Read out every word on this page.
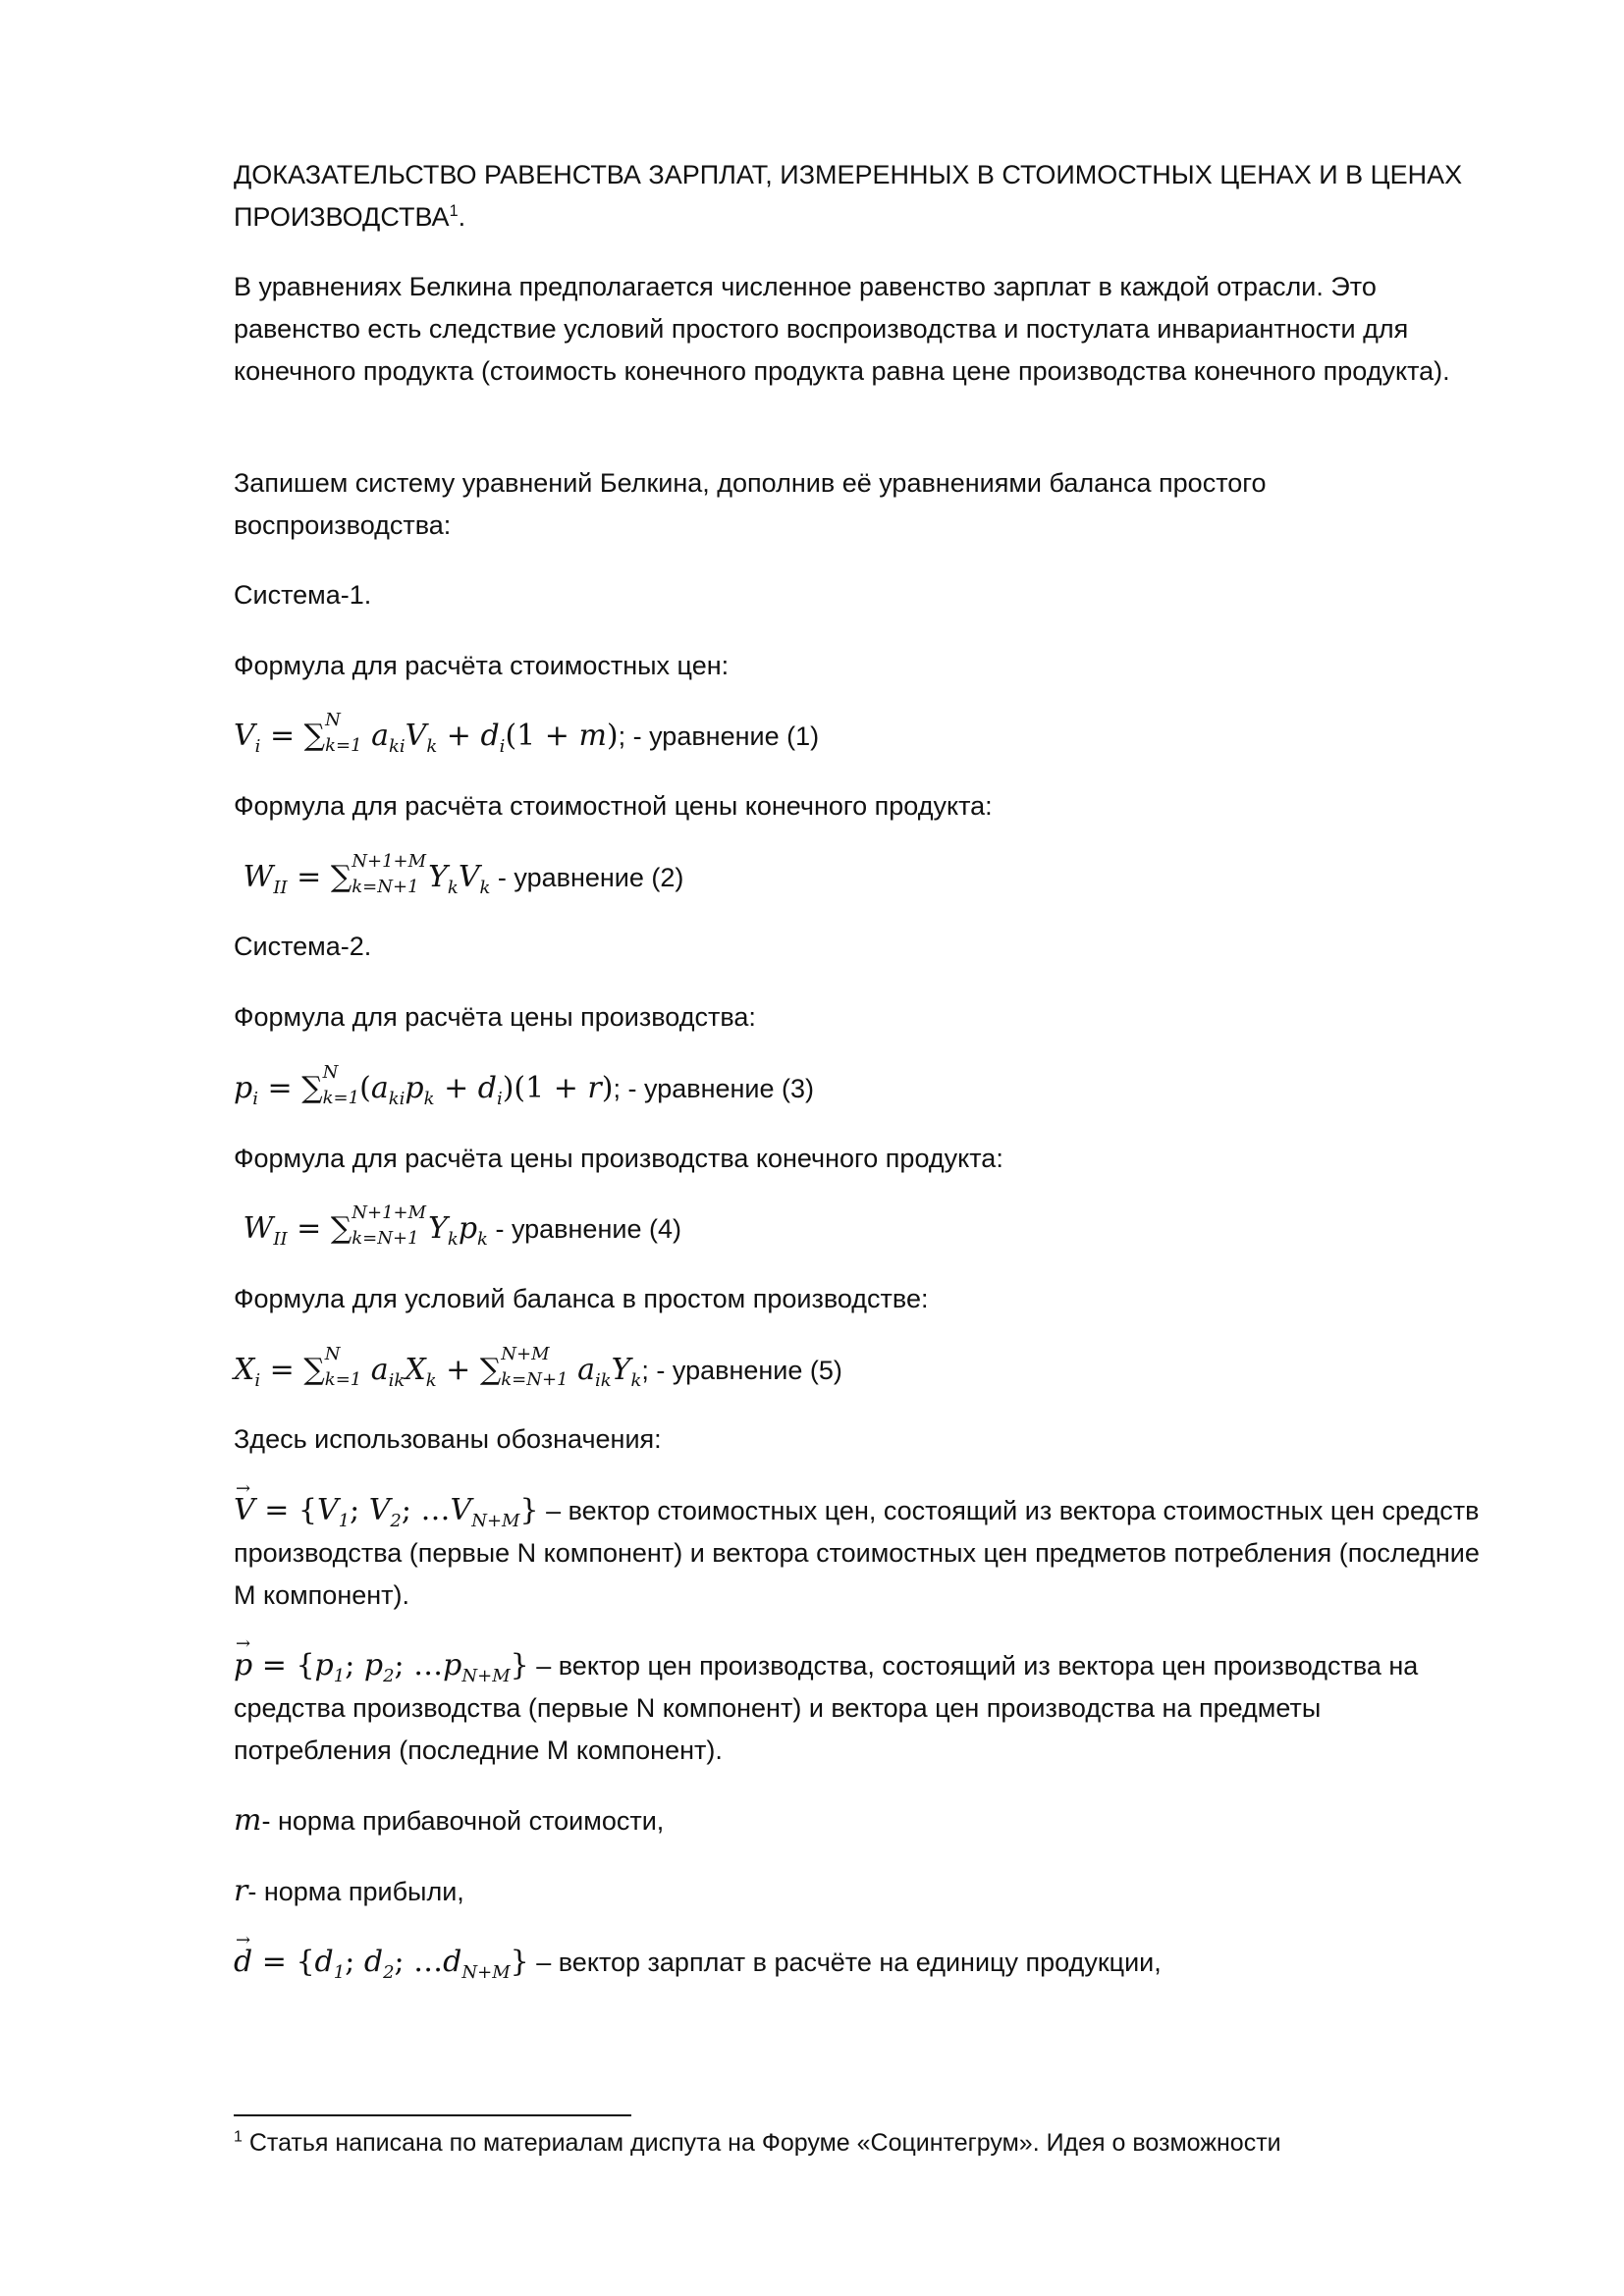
ДОКАЗАТЕЛЬСТВО РАВЕНСТВА ЗАРПЛАТ, ИЗМЕРЕННЫХ В СТОИМОСТНЫХ ЦЕНАХ И В ЦЕНАХ
ПРОИЗВОДСТВА$^1$.

В уравнениях Белкина предполагается численное равенство зарплат в каждой отрасли. Это равенство есть следствие условий простого воспроизводства и постулата инвариантности для конечного продукта (стоимость конечного продукта равна цене производства конечного продукта).

Запишем систему уравнений Белкина, дополнив её уравнениями баланса простого воспроизводства:

Система-1.

Формула для расчёта стоимостных цен:

$V_i$ = ∑ N
$_{k=1}$ $a_{ki}V_k + d_i(1 + m)$; - уравнение (1)

Формула для расчёта стоимостной цены конечного продукта:

$W_{II}$ = ∑ N+1+M
$_{k=N+1}$ $Y_kV_k$ - уравнение (2)

Система-2.

Формула для расчёта цены производства:

$p_i$ = ∑ N
$_{k=1}(a_{ki}p_k + d_i)(1 + r)$; - уравнение (3)

Формула для расчёта цены производства конечного продукта:

$W_{II}$ = ∑ N+1+M
$_{k=N+1}$ $Y_kp_k$ - уравнение (4)

Формула для условий баланса в простом производстве:

$X_i$ = ∑ N
$_{k=1}$ $a_{ik}X_k$ + ∑ N+M
$_{k=N+1}$ $a_{ik}Y_k$; - уравнение (5)

Здесь использованы обозначения:

→ $V = \{V_1$; $V_2$; $\dots V_{N+M}$} – вектор стоимостных цен, состоящий из вектора стоимостных цен средств производства (первые N компонент) и вектора стоимостных цен предметов потребления (последние M компонент).

→ $p = \{p_1$; $p_2$; $\dots p_{N+M}$} – вектор цен производства, состоящий из вектора цен производства на средства производства (первые N компонент) и вектора цен производства на предметы потребления (последние M компонент).

m- норма прибавочной стоимости,

r- норма прибыли,

→ $d = \{d_1$; $d_2$; $\dots d_{N+M}$} – вектор зарплат в расчёте на единицу продукции,

$^1$ Статья написана по материалам диспута на Форуме «Социнтегрум». Идея о возможности
